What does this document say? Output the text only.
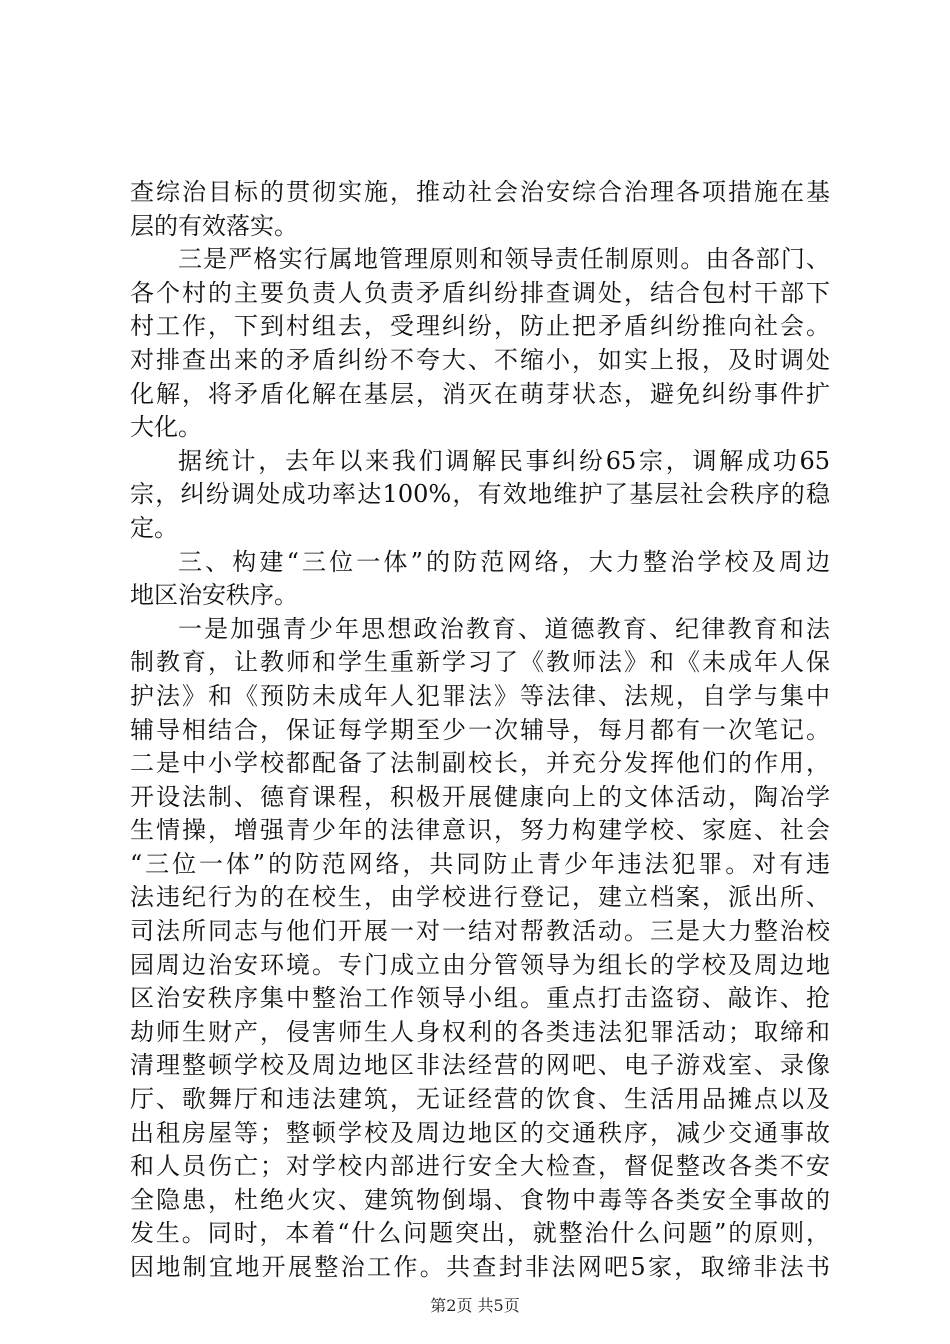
查综治目标的贯彻实施，推动社会治安综合治理各项措施在基
层的有效落实。
三是严格实行属地管理原则和领导责任制原则。由各部门、
各个村的主要负责人负责矛盾纠纷排查调处，结合包村干部下
村工作，下到村组去，受理纠纷，防止把矛盾纠纷推向社会。
对排查出来的矛盾纠纷不夸大、不缩小，如实上报，及时调处
化解，将矛盾化解在基层，消灭在萌芽状态，避免纠纷事件扩
大化。
据统计，去年以来我们调解民事纠纷65宗，调解成功65
宗，纠纷调处成功率达100%，有效地维护了基层社会秩序的稳
定。
三、构建“三位一体”的防范网络，大力整治学校及周边
地区治安秩序。
一是加强青少年思想政治教育、道德教育、纪律教育和法
制教育，让教师和学生重新学习了《教师法》和《未成年人保
护法》和《预防未成年人犯罪法》等法律、法规，自学与集中
辅导相结合，保证每学期至少一次辅导，每月都有一次笔记。
二是中小学校都配备了法制副校长，并充分发挥他们的作用，
开设法制、德育课程，积极开展健康向上的文体活动，陶冶学
生情操，增强青少年的法律意识，努力构建学校、家庭、社会
“三位一体”的防范网络，共同防止青少年违法犯罪。对有违
法违纪行为的在校生，由学校进行登记，建立档案，派出所、
司法所同志与他们开展一对一结对帮教活动。三是大力整治校
园周边治安环境。专门成立由分管领导为组长的学校及周边地
区治安秩序集中整治工作领导小组。重点打击盗窃、敲诈、抢
劫师生财产，侵害师生人身权利的各类违法犯罪活动；取缔和
清理整顿学校及周边地区非法经营的网吧、电子游戏室、录像
厅、歌舞厅和违法建筑，无证经营的饮食、生活用品摊点以及
出租房屋等；整顿学校及周边地区的交通秩序，减少交通事故
和人员伤亡；对学校内部进行安全大检查，督促整改各类不安
全隐患，杜绝火灾、建筑物倒塌、食物中毒等各类安全事故的
发生。同时，本着“什么问题突出，就整治什么问题”的原则，
因地制宜地开展整治工作。共查封非法网吧5家，取缔非法书
第2页 共5页
